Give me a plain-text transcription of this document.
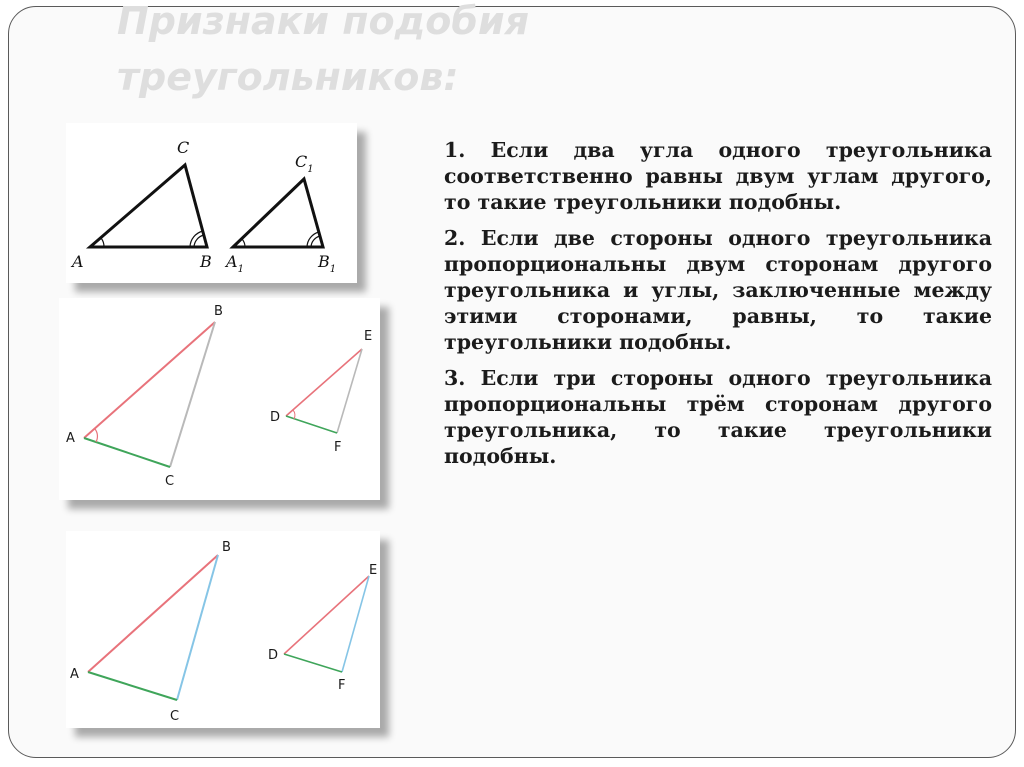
Признаки подобия
треугольников:
C
A	B
$C_1$
$A_1$	$B_1$
B
A
C
E
D
F
B
A
C
E
D
F

1. Если два угла одного треугольника соответственно равны двум углам другого, то такие треугольники подобны.

2. Если две стороны одного треугольника пропорциональны двум сторонам другого треугольника и углы, заключенные между этими сторонами, равны, то такие треугольники подобны.

3. Если три стороны одного треугольника пропорциональны трём сторонам другого треугольника, то такие треугольники подобны.
